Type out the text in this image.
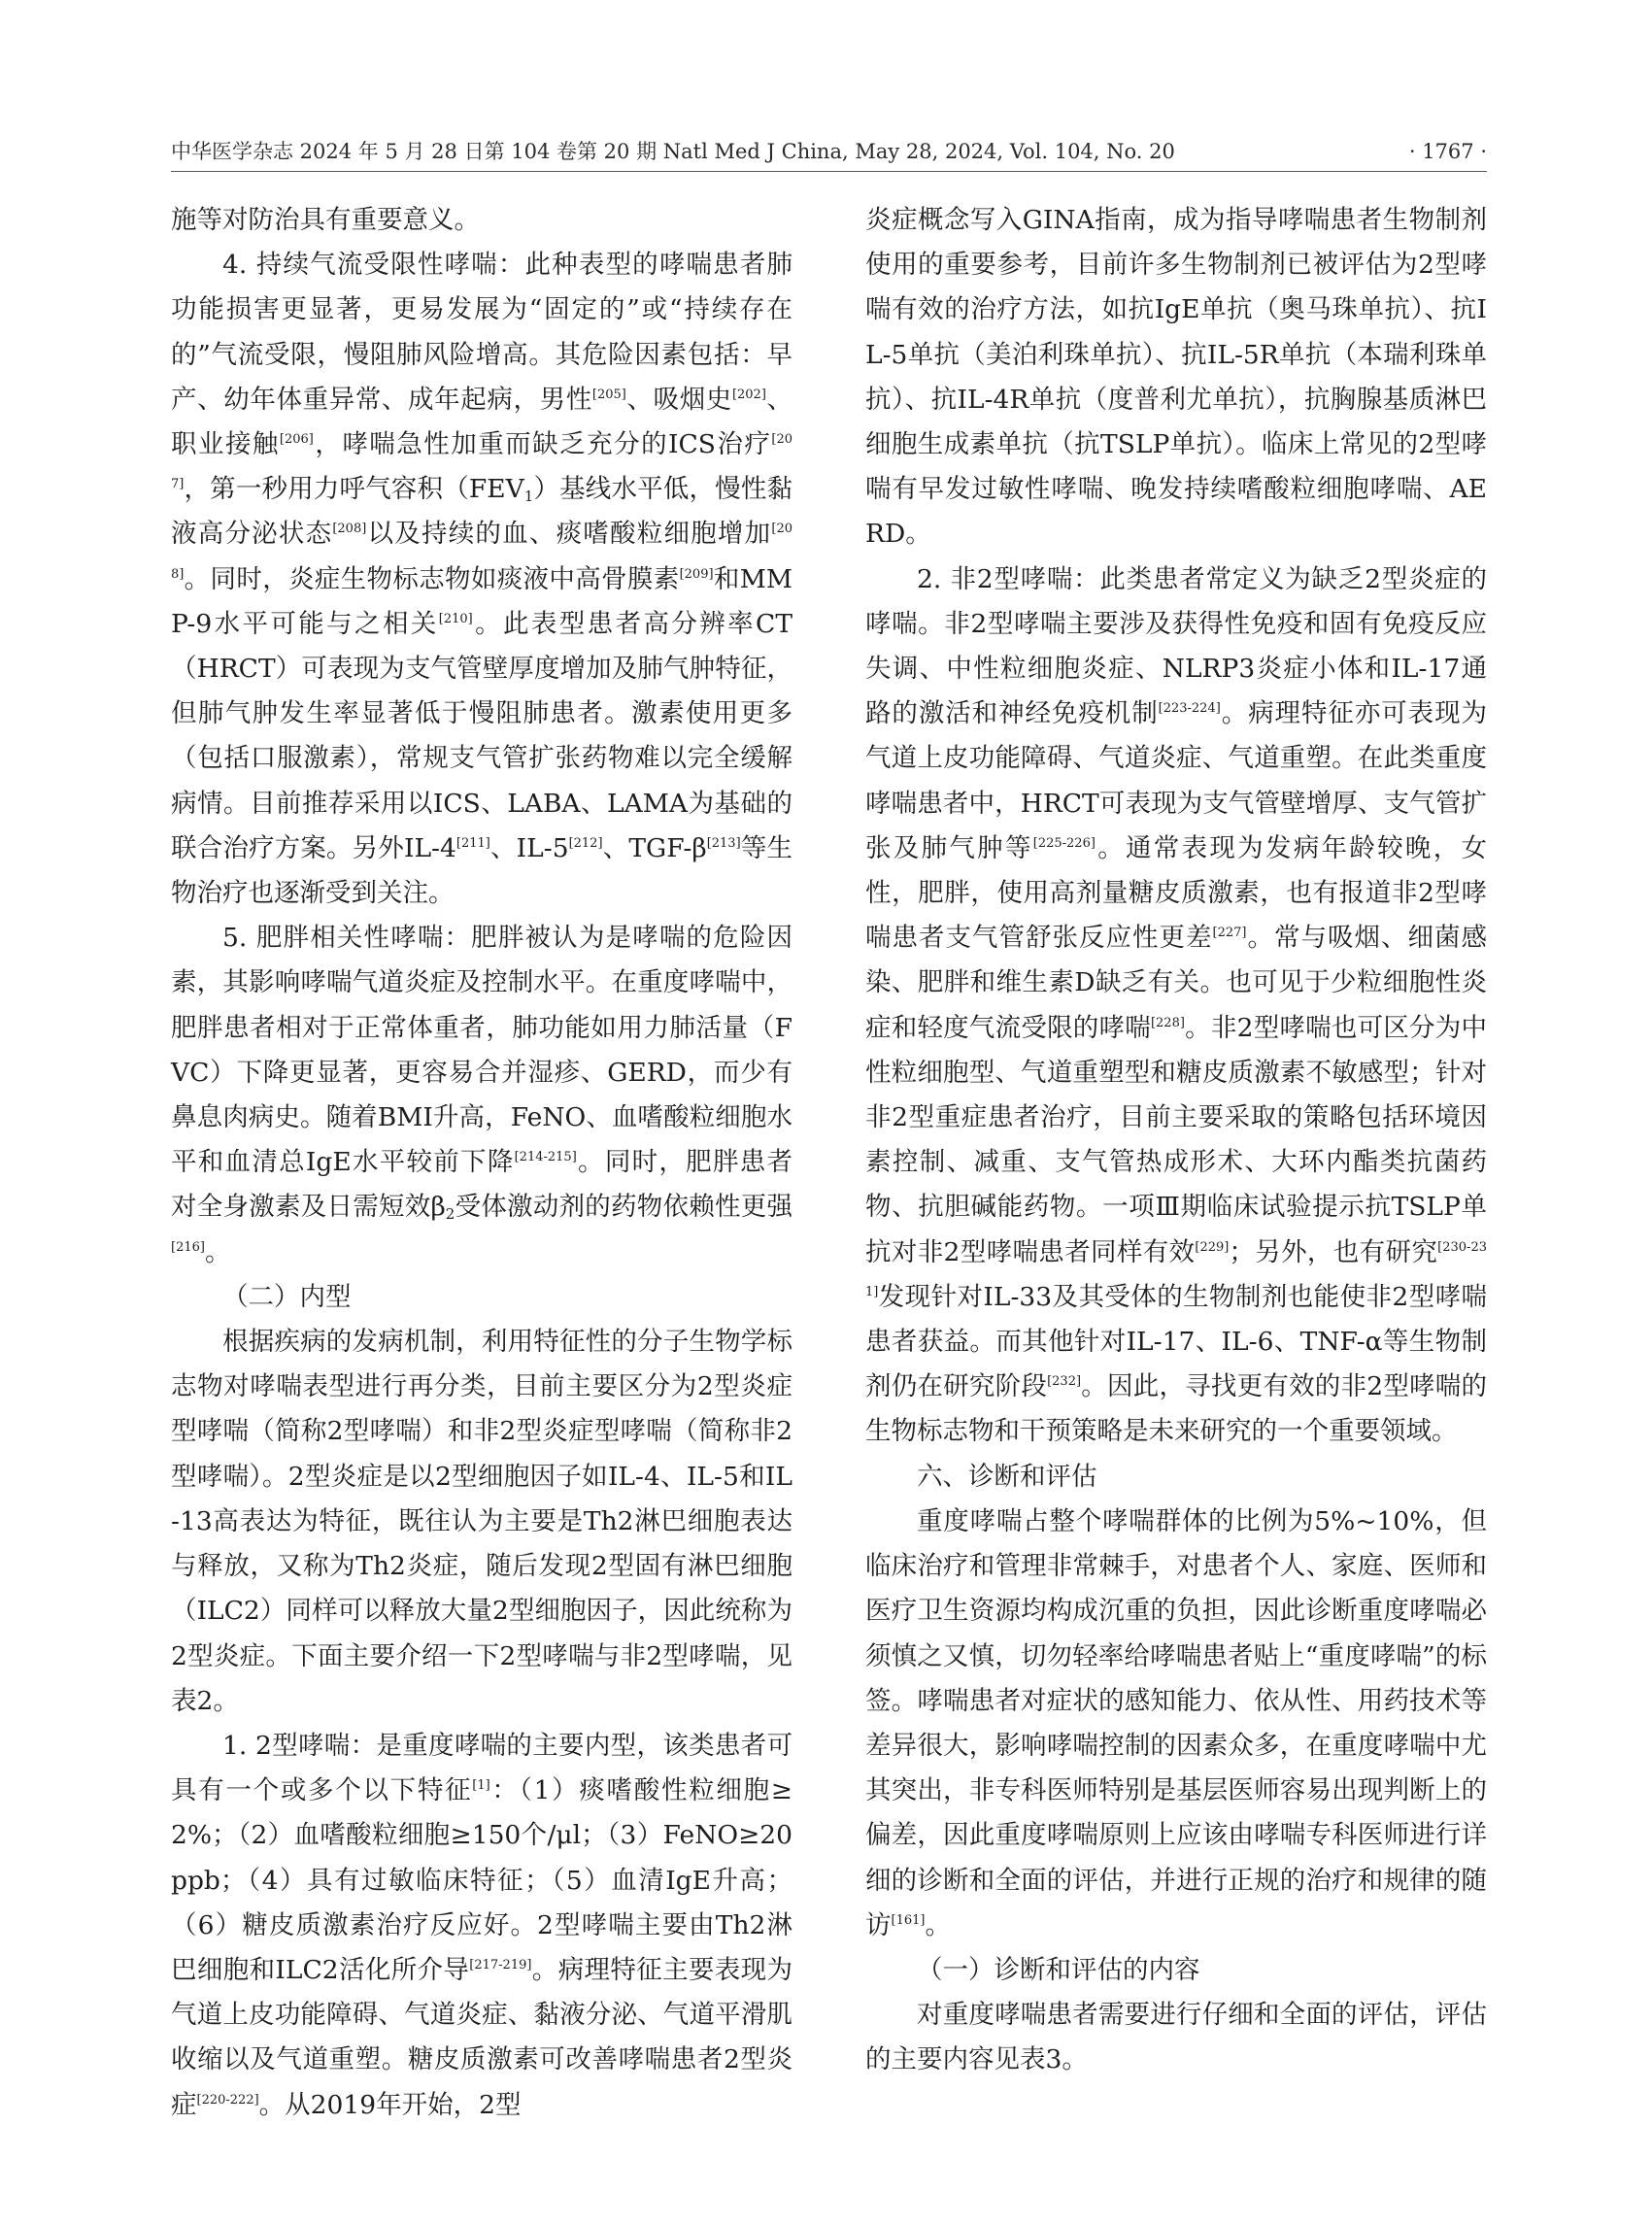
中华医学杂志 2024 年 5 月 28 日第 104 卷第 20 期 Natl Med J China, May 28, 2024, Vol. 104, No. 20	· 1767 ·

施等对防治具有重要意义。

4. 持续气流受限性哮喘：此种表型的哮喘患者肺功能损害更显著，更易发展为“固定的”或“持续存在的”气流受限，慢阻肺风险增高。其危险因素包括：早产、幼年体重异常、成年起病，男性[205]、吸烟史[202]、职业接触[206]，哮喘急性加重而缺乏充分的ICS治疗[207]，第一秒用力呼气容积$(FEV_1)$基线水平低，慢性黏液高分泌状态[208]以及持续的血、痰嗜酸粒细胞增加[208]。同时，炎症生物标志物如痰液中高骨膜素[209]和MMP-9水平可能与之相关[210]。此表型患者高分辨率CT（HRCT）可表现为支气管壁厚度增加及肺气肿特征，但肺气肿发生率显著低于慢阻肺患者。激素使用更多（包括口服激素），常规支气管扩张药物难以完全缓解病情。目前推荐采用以ICS、LABA、LAMA为基础的联合治疗方案。另外IL-4[211]、IL-5[212]、TGF-β[213]等生物治疗也逐渐受到关注。

5. 肥胖相关性哮喘：肥胖被认为是哮喘的危险因素，其影响哮喘气道炎症及控制水平。在重度哮喘中，肥胖患者相对于正常体重者，肺功能如用力肺活量（FVC）下降更显著，更容易合并湿疹、GERD，而少有鼻息肉病史。随着BMI升高，FeNO、血嗜酸粒细胞水平和血清总IgE水平较前下降[214-215]。同时，肥胖患者对全身激素及日需短效$\beta_2$受体激动剂的药物依赖性更强[216]。

（二）内型

根据疾病的发病机制，利用特征性的分子生物学标志物对哮喘表型进行再分类，目前主要区分为2型炎症型哮喘（简称2型哮喘）和非2型炎症型哮喘（简称非2型哮喘）。2型炎症是以2型细胞因子如IL-4、IL-5和IL-13高表达为特征，既往认为主要是Th2淋巴细胞表达与释放，又称为Th2炎症，随后发现2型固有淋巴细胞（ILC2）同样可以释放大量2型细胞因子，因此统称为2型炎症。下面主要介绍一下2型哮喘与非2型哮喘，见表2。

1. 2型哮喘：是重度哮喘的主要内型，该类患者可具有一个或多个以下特征[1]：（1）痰嗜酸性粒细胞≥2%；（2）血嗜酸粒细胞≥150个/μl；（3）FeNO≥20 ppb；（4）具有过敏临床特征；（5）血清IgE升高；（6）糖皮质激素治疗反应好。2型哮喘主要由Th2淋巴细胞和ILC2活化所介导[217-219]。病理特征主要表现为气道上皮功能障碍、气道炎症、黏液分泌、气道平滑肌收缩以及气道重塑。糖皮质激素可改善哮喘患者2型炎症[220-222]。从2019年开始，2型

炎症概念写入GINA指南，成为指导哮喘患者生物制剂使用的重要参考，目前许多生物制剂已被评估为2型哮喘有效的治疗方法，如抗IgE单抗（奥马珠单抗）、抗IL-5单抗（美泊利珠单抗）、抗IL-5R单抗（本瑞利珠单抗）、抗IL-4R单抗（度普利尤单抗），抗胸腺基质淋巴细胞生成素单抗（抗TSLP单抗）。临床上常见的2型哮喘有早发过敏性哮喘、晚发持续嗜酸粒细胞哮喘、AERD。

2. 非2型哮喘：此类患者常定义为缺乏2型炎症的哮喘。非2型哮喘主要涉及获得性免疫和固有免疫反应失调、中性粒细胞炎症、NLRP3炎症小体和IL-17通路的激活和神经免疫机制[223-224]。病理特征亦可表现为气道上皮功能障碍、气道炎症、气道重塑。在此类重度哮喘患者中，HRCT可表现为支气管壁增厚、支气管扩张及肺气肿等[225-226]。通常表现为发病年龄较晚，女性，肥胖，使用高剂量糖皮质激素，也有报道非2型哮喘患者支气管舒张反应性更差[227]。常与吸烟、细菌感染、肥胖和维生素D缺乏有关。也可见于少粒细胞性炎症和轻度气流受限的哮喘[228]。非2型哮喘也可区分为中性粒细胞型、气道重塑型和糖皮质激素不敏感型；针对非2型重症患者治疗，目前主要采取的策略包括环境因素控制、减重、支气管热成形术、大环内酯类抗菌药物、抗胆碱能药物。一项Ⅲ期临床试验提示抗TSLP单抗对非2型哮喘患者同样有效[229]；另外，也有研究[230-231]发现针对IL-33及其受体的生物制剂也能使非2型哮喘患者获益。而其他针对IL-17、IL-6、TNF-α等生物制剂仍在研究阶段[232]。因此，寻找更有效的非2型哮喘的生物标志物和干预策略是未来研究的一个重要领域。

六、诊断和评估

重度哮喘占整个哮喘群体的比例为5%~10%，但临床治疗和管理非常棘手，对患者个人、家庭、医师和医疗卫生资源均构成沉重的负担，因此诊断重度哮喘必须慎之又慎，切勿轻率给哮喘患者贴上“重度哮喘”的标签。哮喘患者对症状的感知能力、依从性、用药技术等差异很大，影响哮喘控制的因素众多，在重度哮喘中尤其突出，非专科医师特别是基层医师容易出现判断上的偏差，因此重度哮喘原则上应该由哮喘专科医师进行详细的诊断和全面的评估，并进行正规的治疗和规律的随访[161]。

（一）诊断和评估的内容

对重度哮喘患者需要进行仔细和全面的评估，评估的主要内容见表3。
